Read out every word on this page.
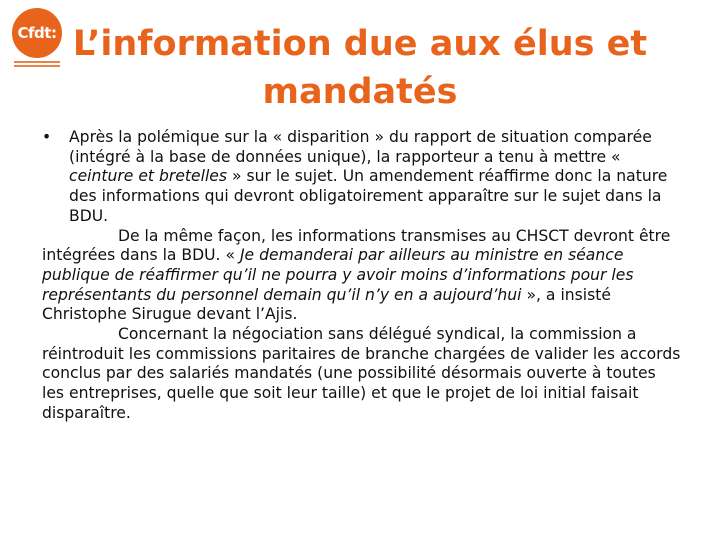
Cfdt: L’information due aux élus et mandatés
• Après la polémique sur la « disparition » du rapport de situation comparée (intégré à la base de données unique), la rapporteur a tenu à mettre « ceinture et bretelles » sur le sujet. Un amendement réaffirme donc la nature des informations qui devront obligatoirement apparaître sur le sujet dans la BDU.
De la même façon, les informations transmises au CHSCT devront être intégrées dans la BDU. « Je demanderai par ailleurs au ministre en séance publique de réaffirmer qu’il ne pourra y avoir moins d’informations pour les représentants du personnel demain qu’il n’y en a aujourd’hui », a insisté Christophe Sirugue devant l’Ajis.
Concernant la négociation sans délégué syndical, la commission a réintroduit les commissions paritaires de branche chargées de valider les accords conclus par des salariés mandatés (une possibilité désormais ouverte à toutes les entreprises, quelle que soit leur taille) et que le projet de loi initial faisait disparaître.
